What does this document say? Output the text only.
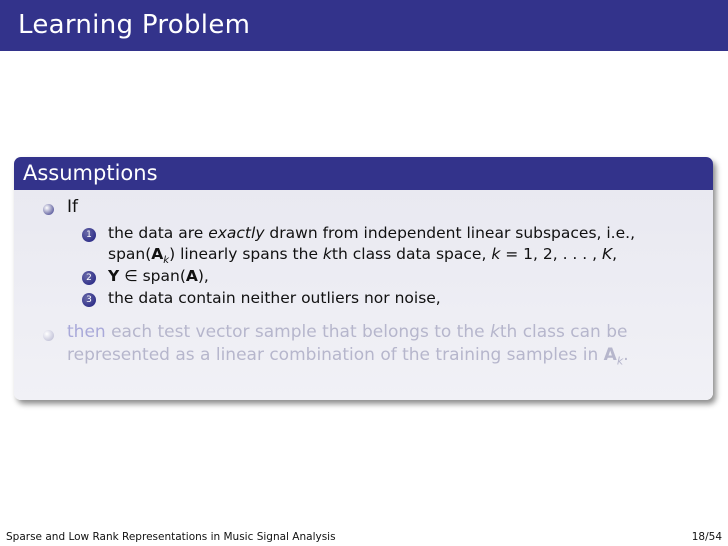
Learning Problem
Assumptions
If
1 the data are exactly drawn from independent linear subspaces, i.e.,
$span(A_k)$ linearly spans the kth class data space, k = 1, 2, . . . , K,
2 Y ∈ span(A),
3 the data contain neither outliers nor noise,
then each test vector sample that belongs to the kth class can be
represented as a linear combination of the training samples in $A_k$.
Sparse and Low Rank Representations in Music Signal Analysis	18/54
